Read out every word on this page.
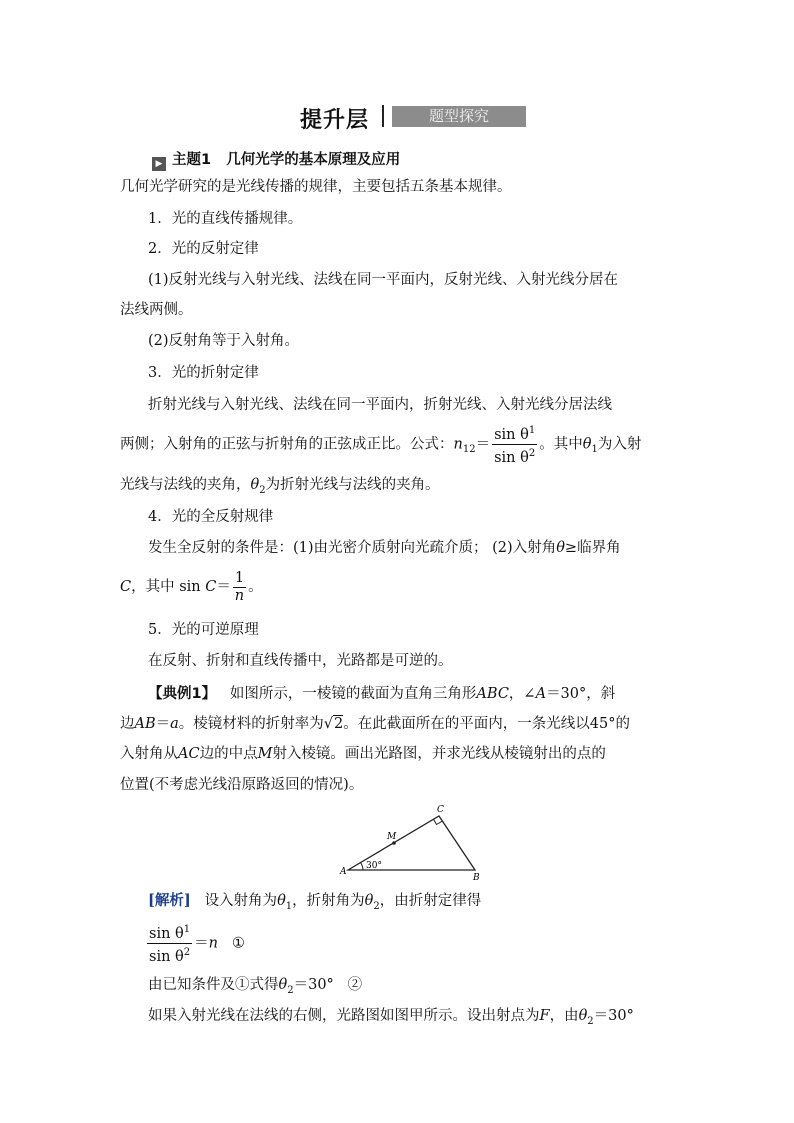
提升层	题型探究
▶ 主题1 几何光学的基本原理及应用
几何光学研究的是光线传播的规律，主要包括五条基本规律。
1．光的直线传播规律。
2．光的反射定律
(1)反射光线与入射光线、法线在同一平面内，反射光线、入射光线分居在
法线两侧。
(2)反射角等于入射角。
3．光的折射定律
折射光线与入射光线、法线在同一平面内，折射光线、入射光线分居法线
两侧；入射角的正弦与折射角的正弦成正比。公式：$n_{12}= \frac{\sin \theta^1}{\sin \theta^2}$ 。其中$\theta_1$为入射
光线与法线的夹角，$\theta_2$为折射光线与法线的夹角。
4．光的全反射规律
发生全反射的条件是：(1)由光密介质射向光疏介质； (2)入射角θ≥临界角
C，其中 $\sin C= \frac{1}{n}$ 。
5．光的可逆原理
在反射、折射和直线传播中，光路都是可逆的。
【典例1】 如图所示，一棱镜的截面为直角三角形ABC，∠A＝30°，斜
边AB＝a。棱镜材料的折射率为√2。在此截面所在的平面内，一条光线以45°的
入射角从AC边的中点M射入棱镜。画出光路图，并求光线从棱镜射出的点的
位置(不考虑光线沿原路返回的情况)。
A
B
C
M
30°
[解析] 设入射角为$\theta_1$，折射角为$\theta_2$，由折射定律得
$\frac{\sin \theta^1}{\sin \theta^2} =n$ ①
由已知条件及①式得$\theta_2=30^\circ$ ②
如果入射光线在法线的右侧，光路图如图甲所示。设出射点为F，由$\theta_2=30^\circ$
